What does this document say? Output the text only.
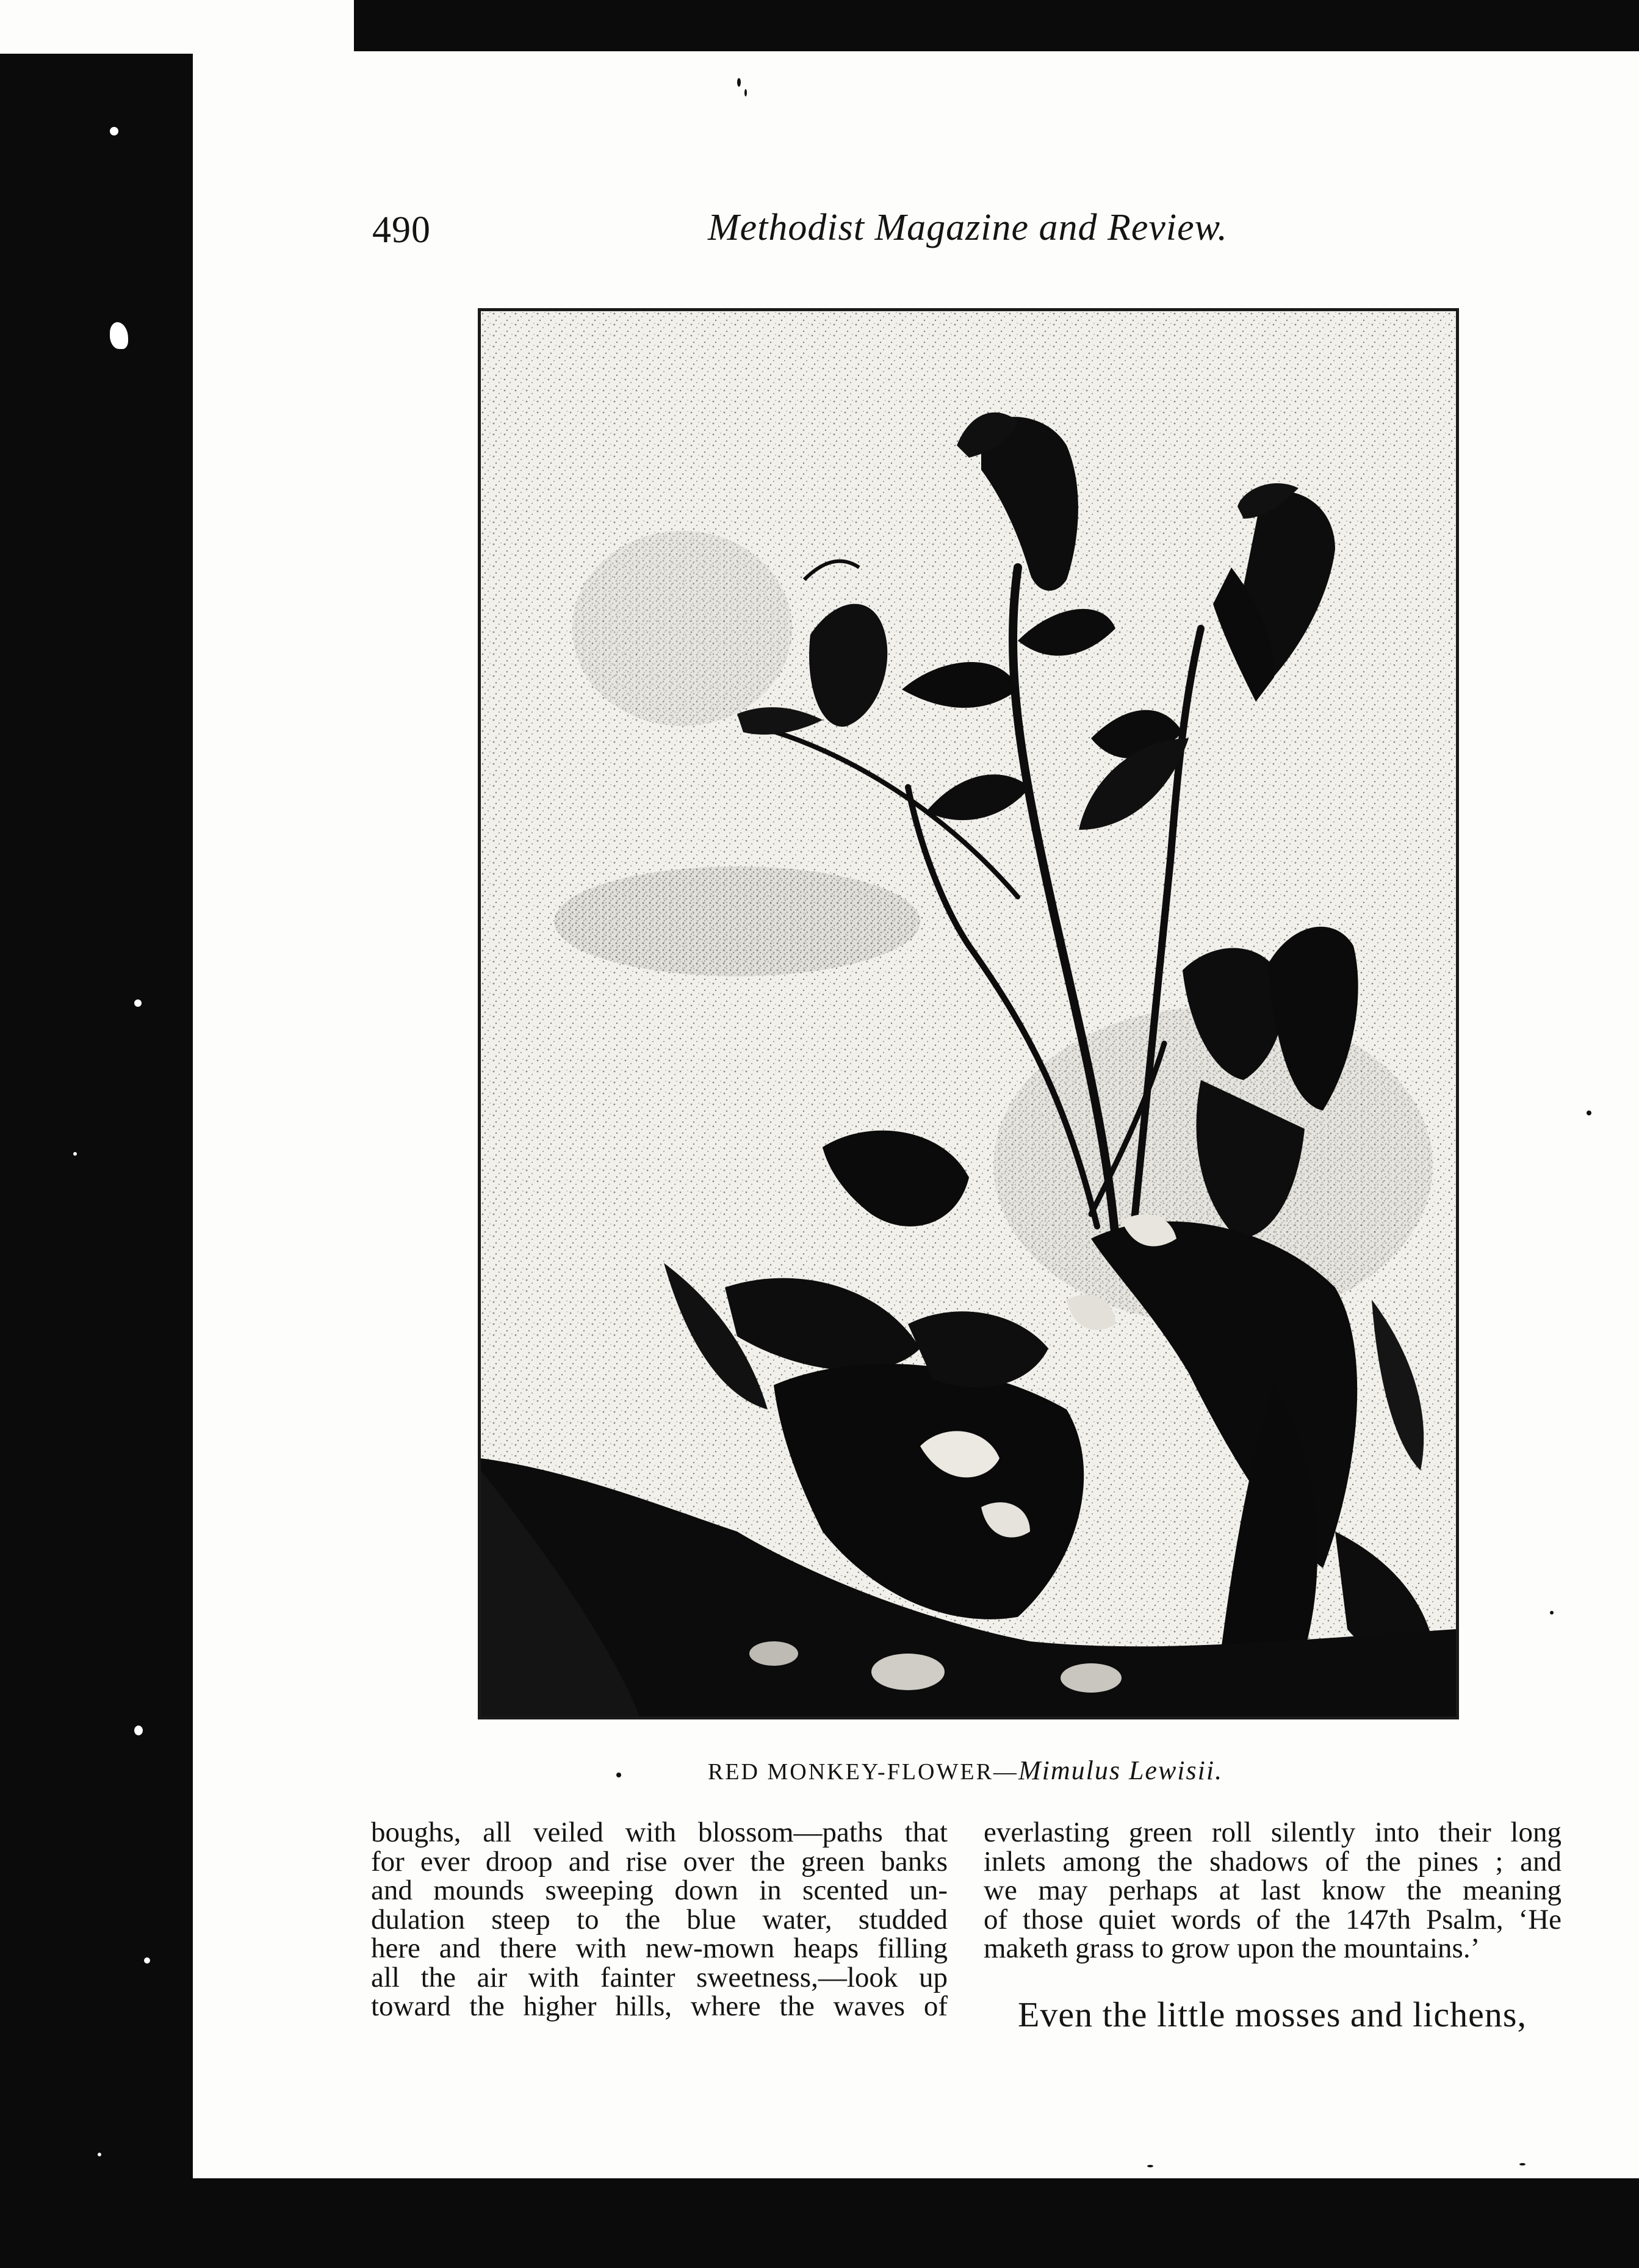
490	Methodist Magazine and Review.
RED MONKEY-FLOWER—Mimulus Lewisii.
boughs, all veiled with blossom—paths that
for ever droop and rise over the green banks
and mounds sweeping down in scented un-
dulation steep to the blue water, studded
here and there with new-mown heaps filling
all the air with fainter sweetness,—look up
toward the higher hills, where the waves of
everlasting green roll silently into their long
inlets among the shadows of the pines ; and
we may perhaps at last know the meaning
of those quiet words of the 147th Psalm, ‘He
maketh grass to grow upon the mountains.’
Even the little mosses and lichens,
